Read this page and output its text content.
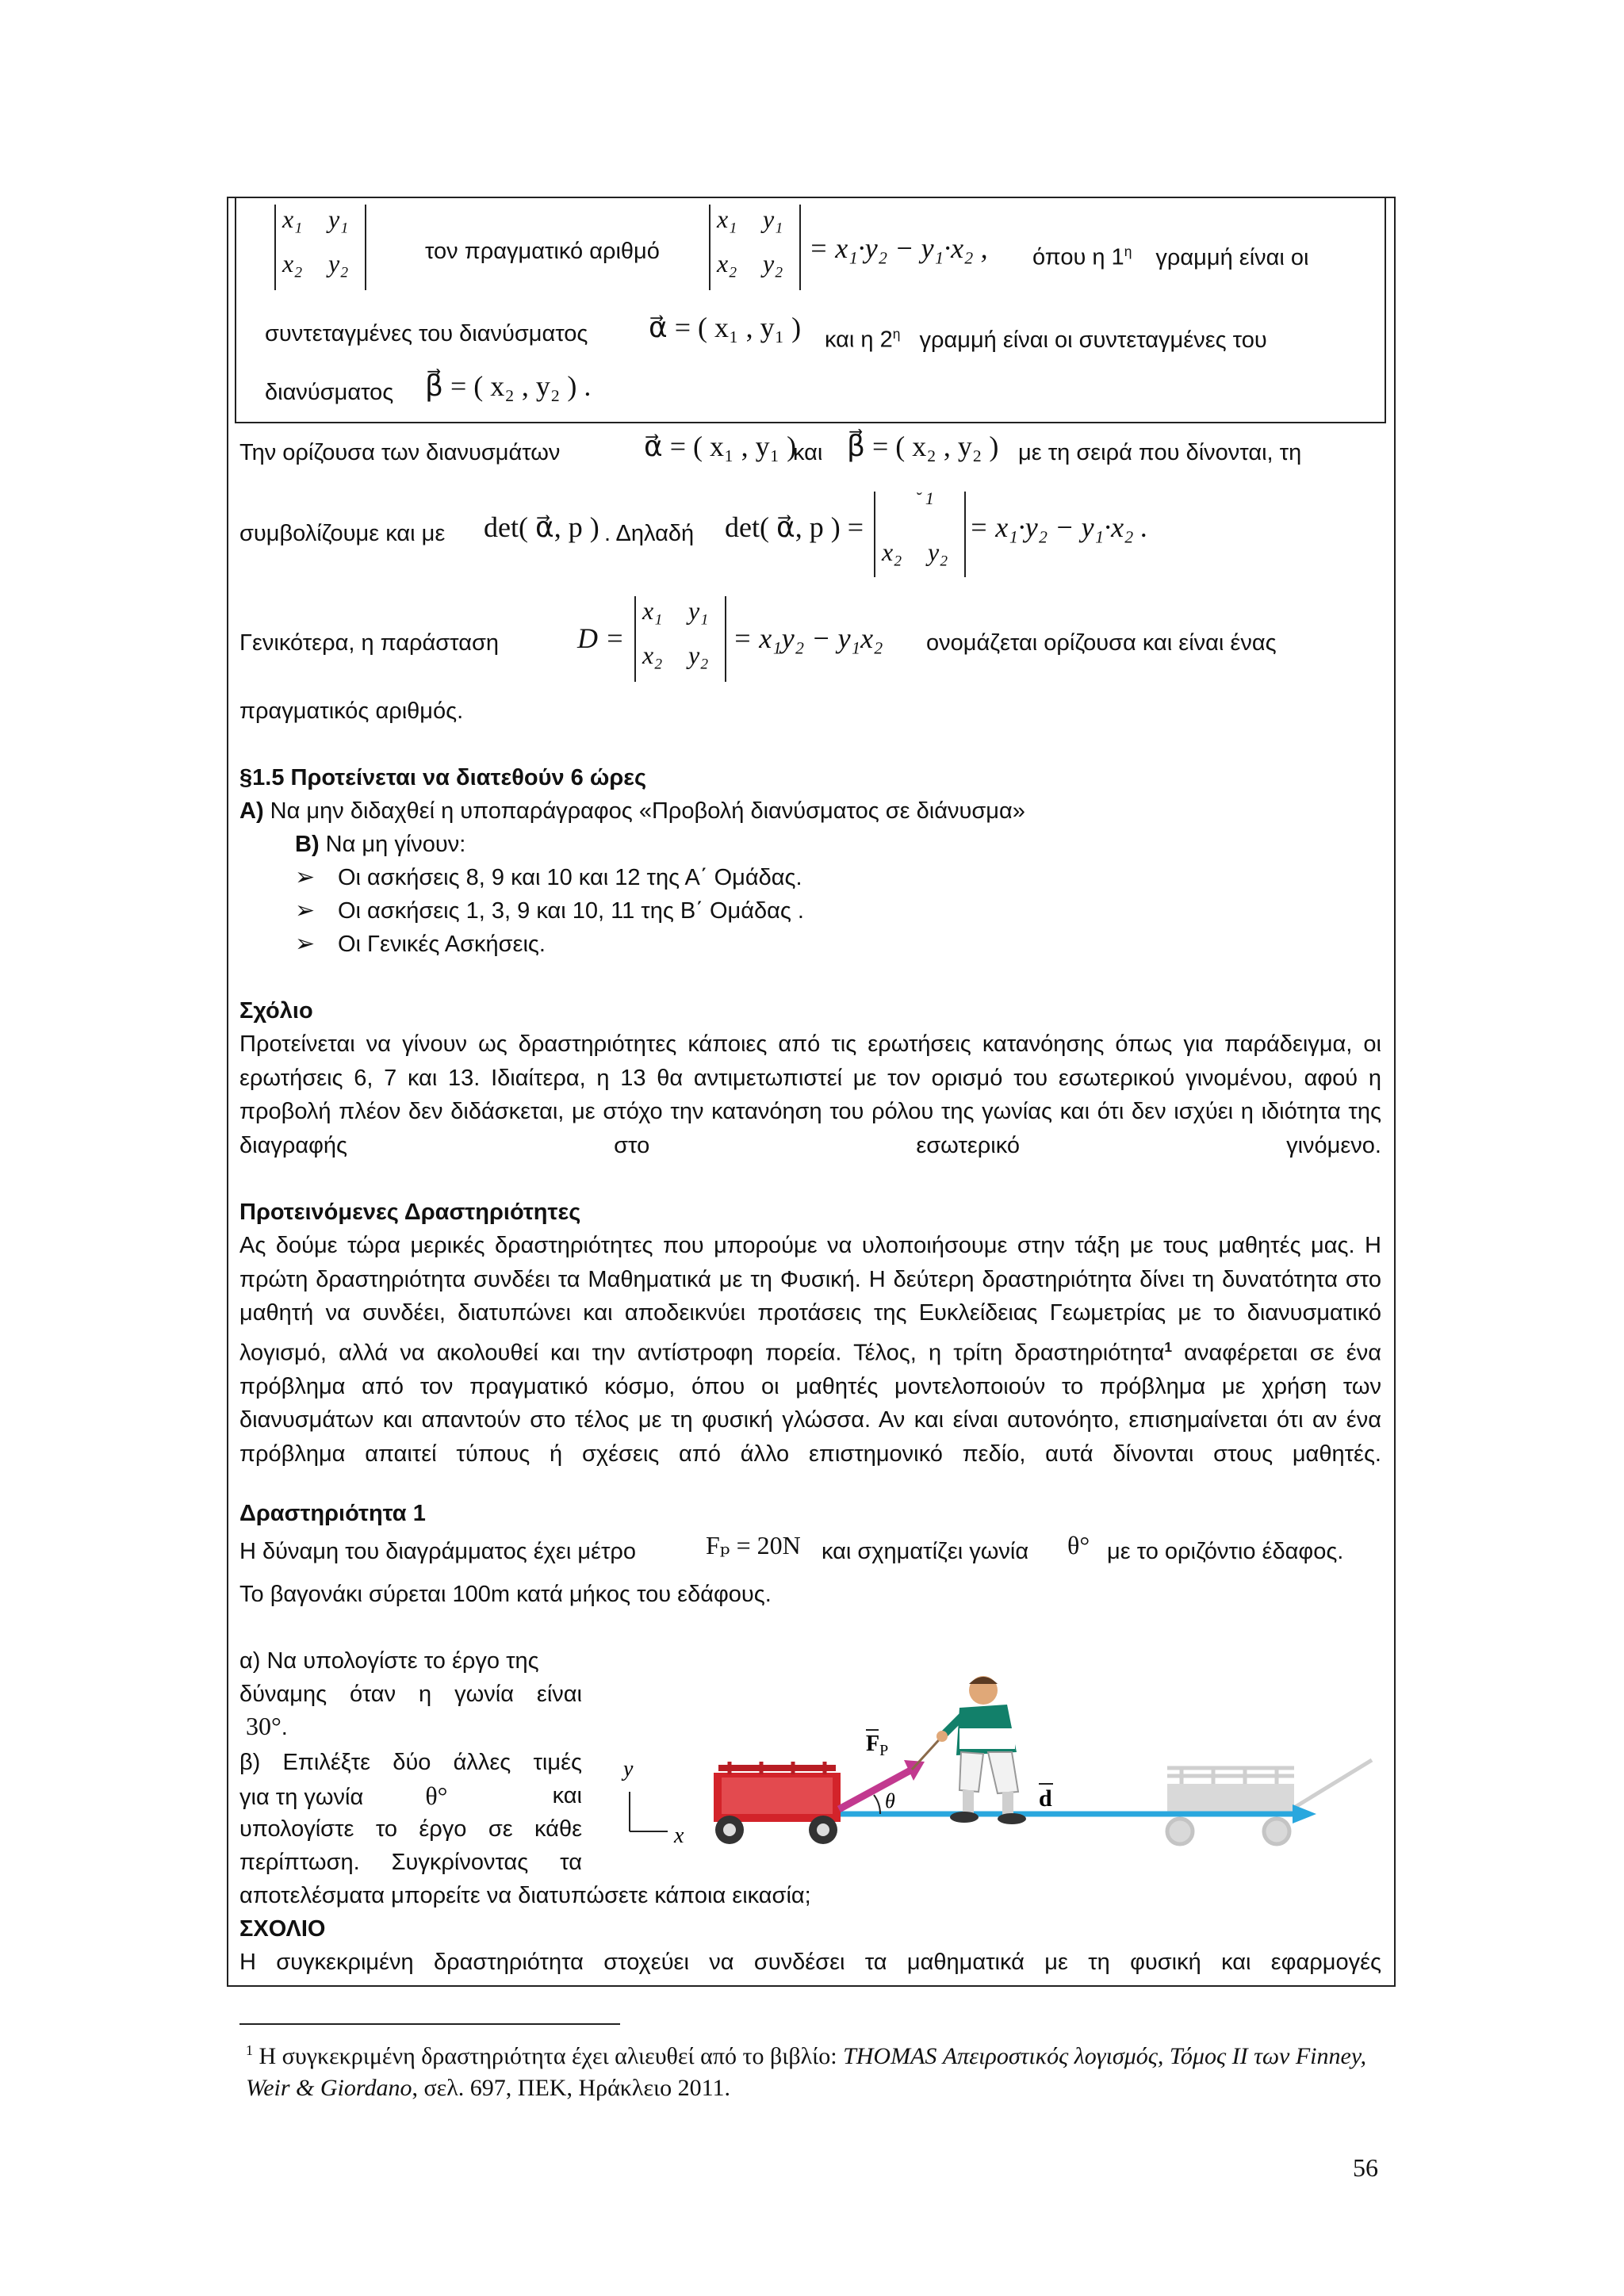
x₁ y₁
x₂ y₂	τον πραγματικό αριθμό
x₁ y₁
x₂ y₂ = x₁·y₂ − y₁·x₂ , όπου η $1^\eta$ γραμμή είναι οι
συντεταγμένες του διανύσματος α⃗ = ( x₁ , y₁ ) και η $2^\eta$ γραμμή είναι οι συντεταγμένες του
διανύσματος β⃗ = ( x₂ , y₂ ) .
Την ορίζουσα των διανυσμάτων	α⃗ = ( x₁ , y₁ )
και β⃗ = ( x₂ , y₂ ) με τη σειρά που δίνονται, τη
συμβολίζουμε και με det( α⃗, p ) . Δηλαδή det( α⃗, p ) =
˘ 1
x₂ y₂
= x₁·y₂ − y₁·x₂ .
Γενικότερα, η παράσταση	D =
x₁ y₁
x₂ y₂
= x₁y₂ − y₁x₂ ονομάζεται ορίζουσα και είναι ένας
πραγματικός αριθμός.
§1.5 Προτείνεται να διατεθούν 6 ώρες
Α) Να μην διδαχθεί η υποπαράγραφος «Προβολή διανύσματος σε διάνυσμα»
Β) Να μη γίνουν:
➢ Οι ασκήσεις 8, 9 και 10 και 12 της Α΄ Ομάδας.
➢ Οι ασκήσεις 1, 3, 9 και 10, 11 της Β΄ Ομάδας .
➢ Οι Γενικές Ασκήσεις.
Σχόλιο
Προτείνεται να γίνουν ως δραστηριότητες κάποιες από τις ερωτήσεις κατανόησης όπως για παράδειγμα, οι ερωτήσεις 6, 7 και 13. Ιδιαίτερα, η 13 θα αντιμετωπιστεί με τον ορισμό του εσωτερικού γινομένου, αφού η προβολή πλέον δεν διδάσκεται, με στόχο την κατανόηση του ρόλου της γωνίας και ότι δεν ισχύει η ιδιότητα της διαγραφής στο εσωτερικό γινόμενο.
Προτεινόμενες Δραστηριότητες
Ας δούμε τώρα μερικές δραστηριότητες που μπορούμε να υλοποιήσουμε στην τάξη με τους μαθητές μας. Η πρώτη δραστηριότητα συνδέει τα Μαθηματικά με τη Φυσική. Η δεύτερη δραστηριότητα δίνει τη δυνατότητα στο μαθητή να συνδέει, διατυπώνει και αποδεικνύει προτάσεις της Ευκλείδειας Γεωμετρίας με το διανυσματικό λογισμό, αλλά να ακολουθεί και την αντίστροφη πορεία. Τέλος, η τρίτη δραστηριότητα$^1$ αναφέρεται σε ένα πρόβλημα από τον πραγματικό κόσμο, όπου οι μαθητές μοντελοποιούν το πρόβλημα με χρήση των διανυσμάτων και απαντούν στο τέλος με τη φυσική γλώσσα. Αν και είναι αυτονόητο, επισημαίνεται ότι αν ένα πρόβλημα απαιτεί τύπους ή σχέσεις από άλλο επιστημονικό πεδίο, αυτά δίνονται στους μαθητές.
Δραστηριότητα 1
Η δύναμη του διαγράμματος έχει μέτρο	Fₚ = 20N και σχηματίζει γωνία θ° με το οριζόντιο έδαφος.
Το βαγονάκι σύρεται 100m κατά μήκος του εδάφους.
α) Να υπολογίστε το έργο της
δύναμης όταν η γωνία είναι
30°.
β) Επιλέξτε δύο άλλες τιμές
για τη γωνία θ°	και
υπολογίστε το έργο σε κάθε
περίπτωση. Συγκρίνοντας τα
αποτελέσματα μπορείτε να διατυπώσετε κάποια εικασία;
ΣΧΟΛΙΟ
Η συγκεκριμένη δραστηριότητα στοχεύει να συνδέσει τα μαθηματικά με τη φυσική και εφαρμογές
y
x
d
$F_P$
θ
$^1$ Η συγκεκριμένη δραστηριότητα έχει αλιευθεί από το βιβλίο: THOMAS Απειροστικός λογισμός, Τόμος ΙΙ των Finney, Weir & Giordano, σελ. 697, ΠΕΚ, Ηράκλειο 2011.
56
